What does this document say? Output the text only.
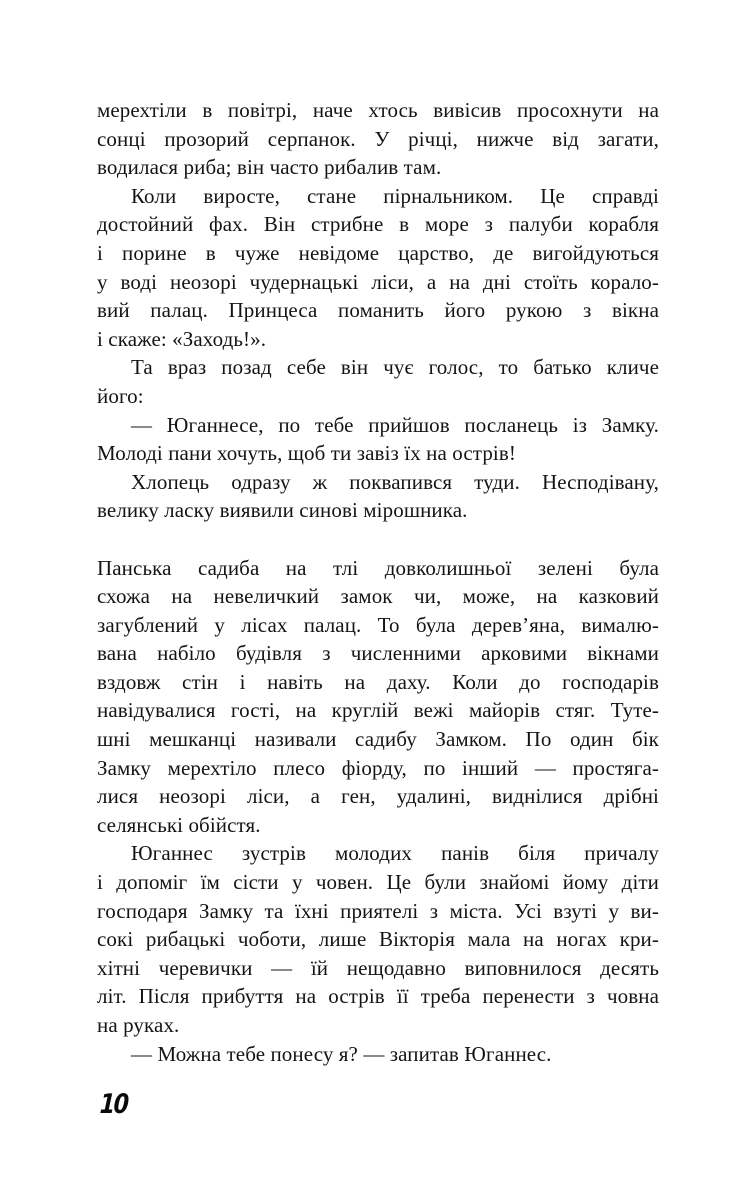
мерехтіли в повітрі, наче хтось вивісив просохнути на
сонці прозорий серпанок. У річці, нижче від загати,
водилася риба; він часто рибалив там.
Коли виросте, стане пірнальником. Це справді
достойний фах. Він стрибне в море з палуби корабля
і порине в чуже невідоме царство, де вигойдуються
у воді неозорі чудернацькі ліси, а на дні стоїть корало-
вий палац. Принцеса поманить його рукою з вікна
і скаже: «Заходь!».
Та враз позад себе він чує голос, то батько кличе
його:
— Юганнесе, по тебе прийшов посланець із Замку.
Молоді пани хочуть, щоб ти завіз їх на острів!
Хлопець одразу ж поквапився туди. Несподівану,
велику ласку виявили синові мірошника.
Панська садиба на тлі довколишньої зелені була
схожа на невеличкий замок чи, може, на казковий
загублений у лісах палац. То була дерев’яна, вималю-
вана набіло будівля з численними арковими вікнами
вздовж стін і навіть на даху. Коли до господарів
навідувалися гості, на круглій вежі майорів стяг. Туте-
шні мешканці називали садибу Замком. По один бік
Замку мерехтіло плесо фіорду, по інший — простяга-
лися неозорі ліси, а ген, удалині, виднілися дрібні
селянські обійстя.
Юганнес зустрів молодих панів біля причалу
і допоміг їм сісти у човен. Це були знайомі йому діти
господаря Замку та їхні приятелі з міста. Усі взуті у ви-
сокі рибацькі чоботи, лише Вікторія мала на ногах кри-
хітні черевички — їй нещодавно виповнилося десять
літ. Після прибуття на острів її треба перенести з човна
на руках.
— Можна тебе понесу я? — запитав Юганнес.
10
